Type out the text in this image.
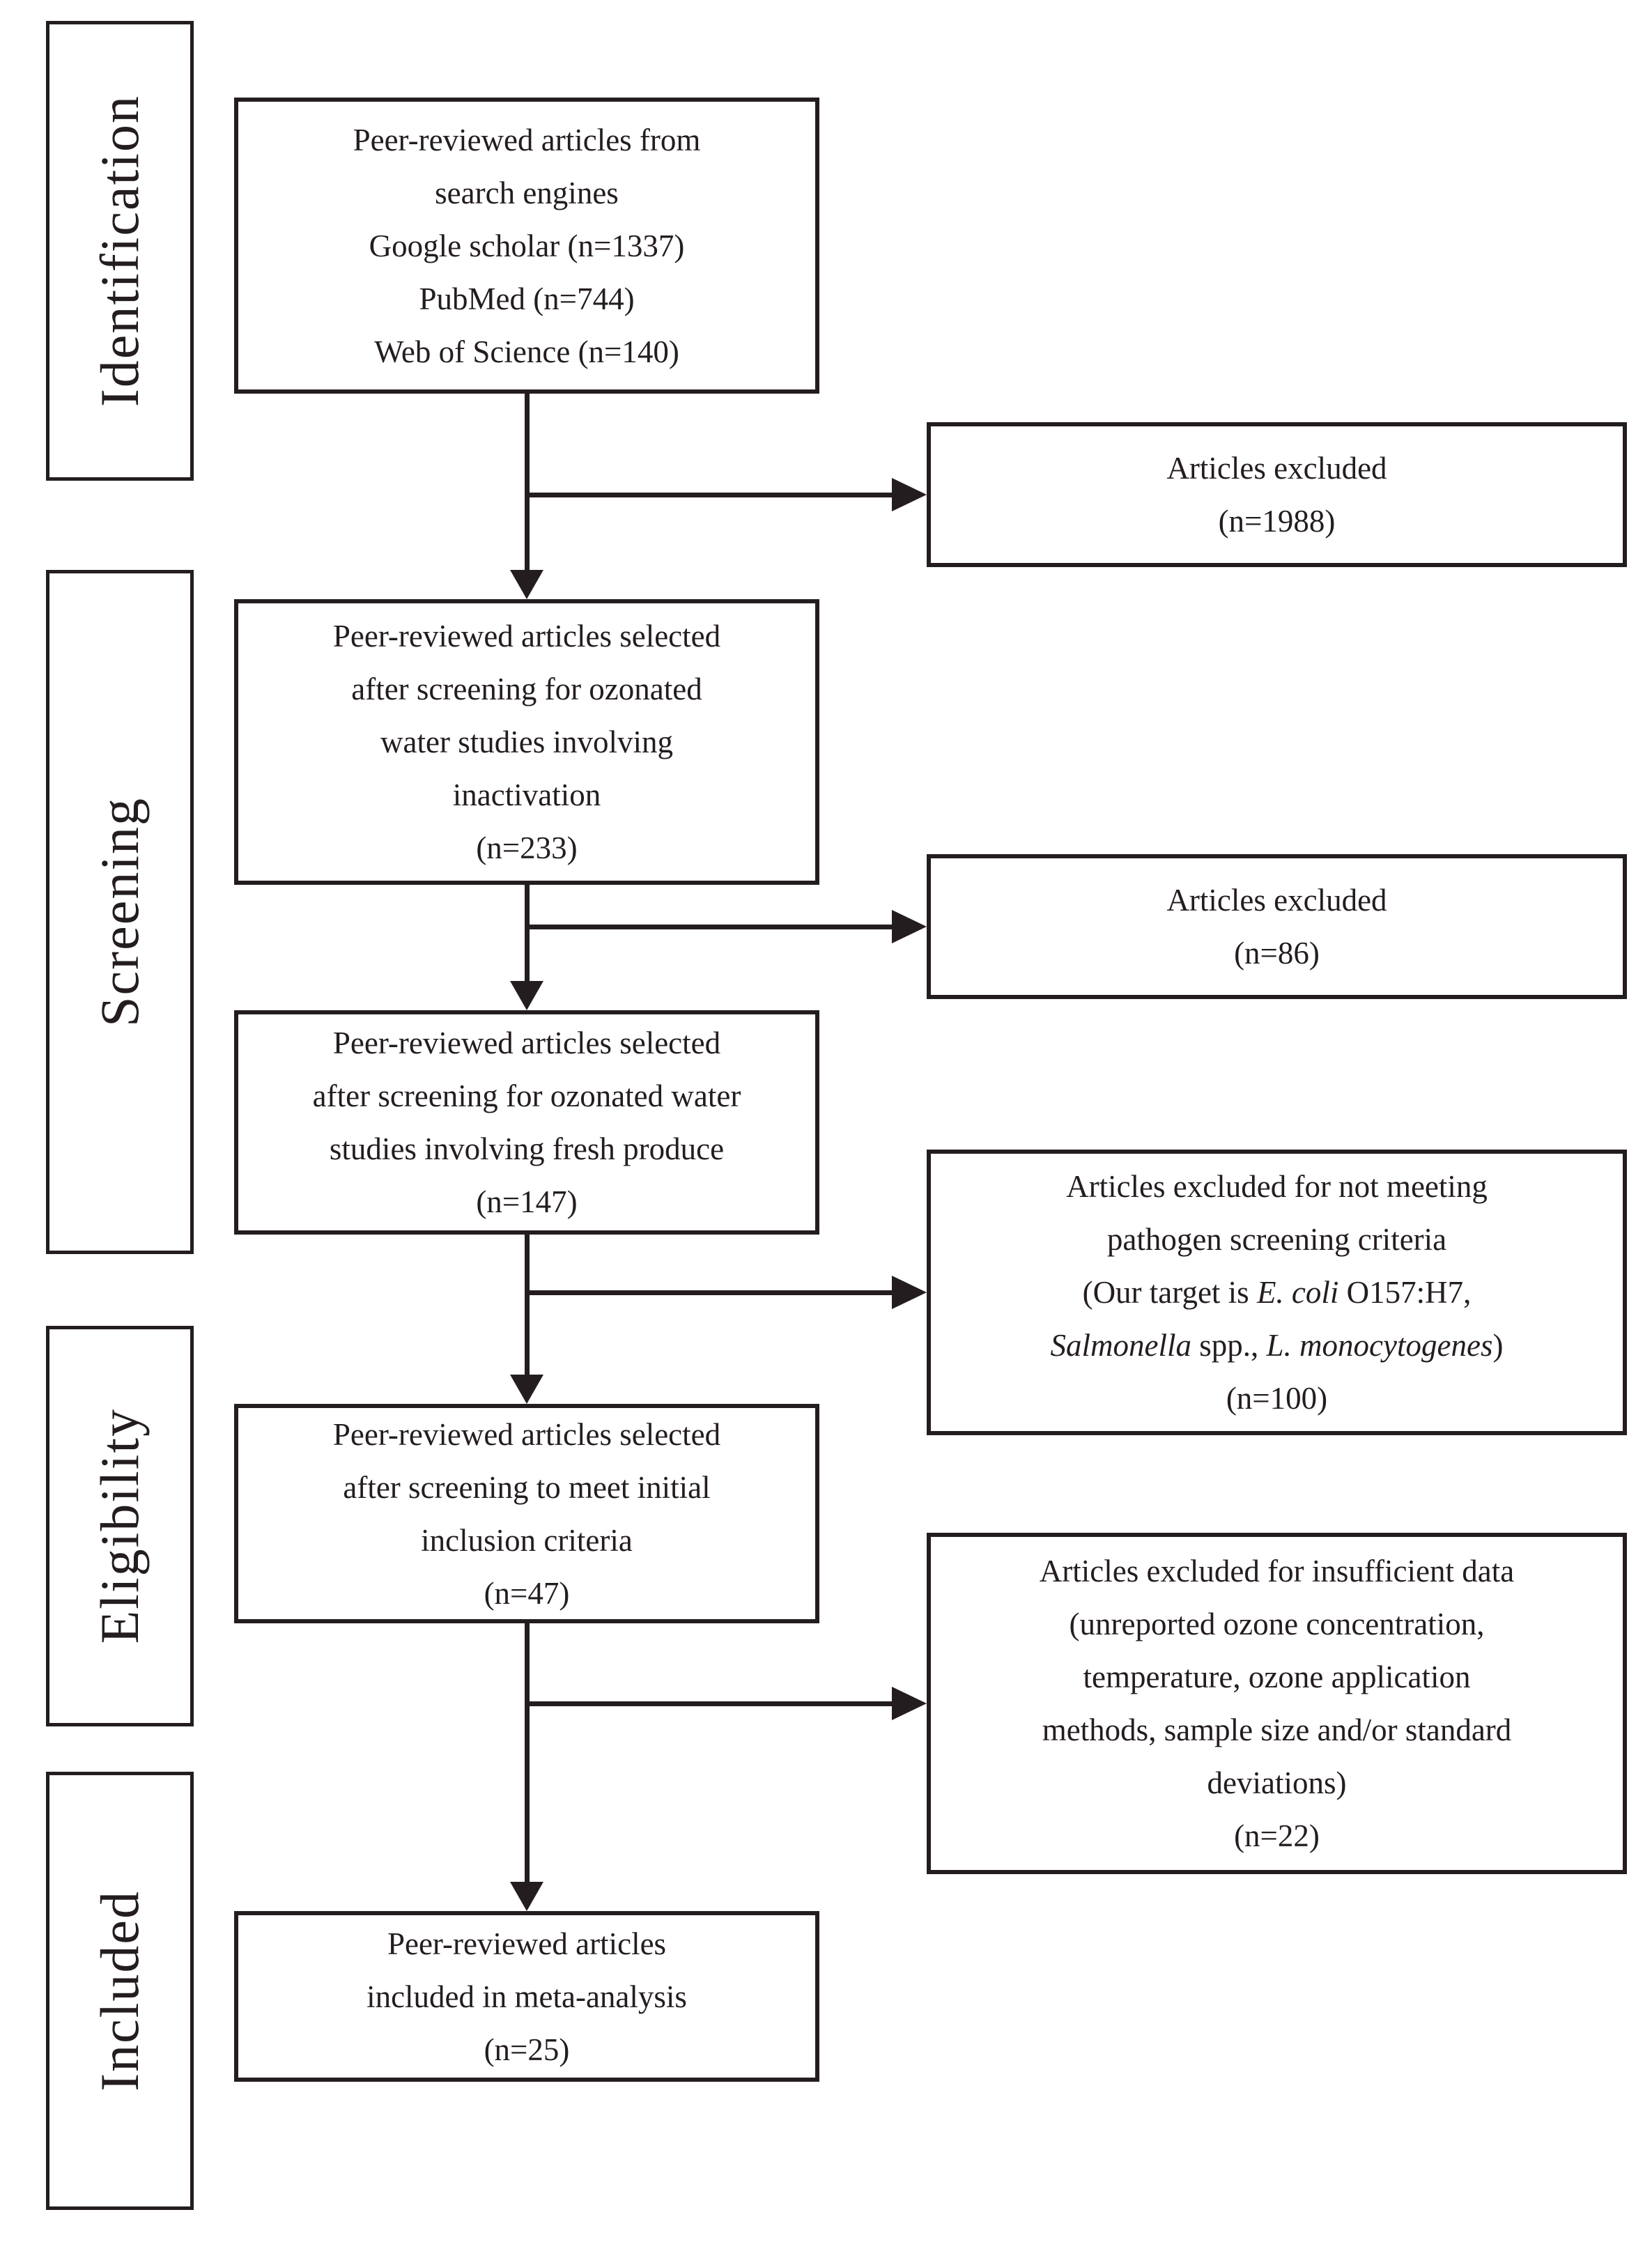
Identification
Screening
Eligibility
Included
Peer-reviewed articles from
search engines
Google scholar (n=1337)
PubMed (n=744)
Web of Science (n=140)
Peer-reviewed articles selected
after screening for ozonated
water studies involving
inactivation
(n=233)
Peer-reviewed articles selected
after screening for ozonated water
studies involving fresh produce
(n=147)
Peer-reviewed articles selected
after screening to meet initial
inclusion criteria
(n=47)
Peer-reviewed articles
included in meta-analysis
(n=25)
Articles excluded
(n=1988)
Articles excluded
(n=86)
Articles excluded for not meeting
pathogen screening criteria
(Our target is E. coli O157:H7,
Salmonella spp., L. monocytogenes)
(n=100)
Articles excluded for insufficient data
(unreported ozone concentration,
temperature, ozone application
methods, sample size and/or standard
deviations)
(n=22)
